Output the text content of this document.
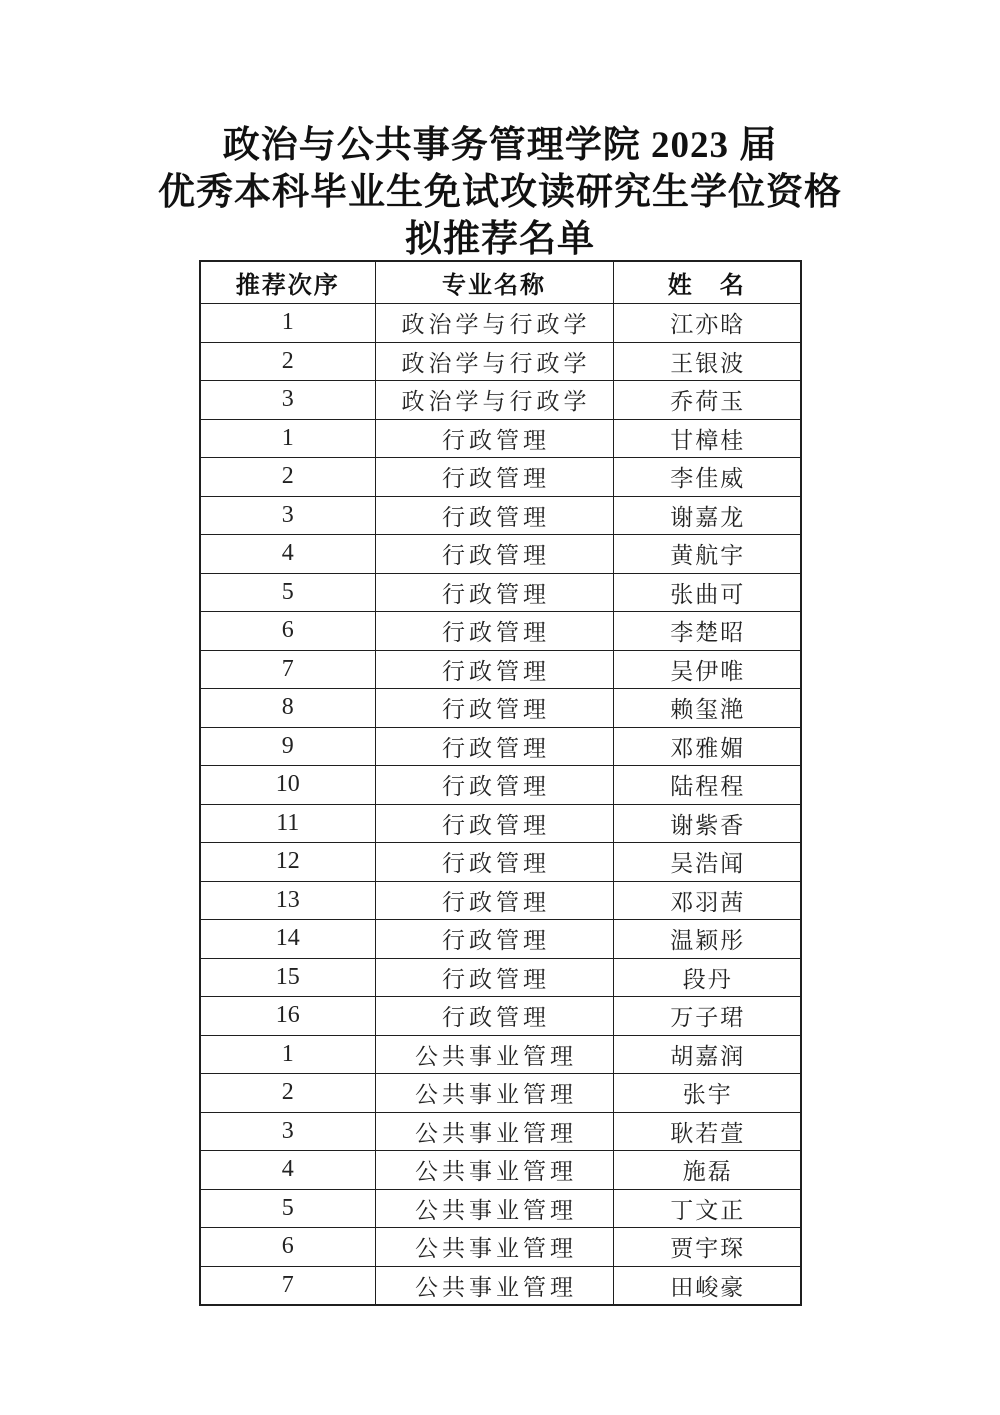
政治与公共事务管理学院 2023 届
优秀本科毕业生免试攻读研究生学位资格
拟推荐名单
推荐次序	专业名称	姓　名
1	政治学与行政学	江亦晗
2	政治学与行政学	王银波
3	政治学与行政学	乔荷玉
1	行政管理	甘樟桂
2	行政管理	李佳威
3	行政管理	谢嘉龙
4	行政管理	黄航宇
5	行政管理	张曲可
6	行政管理	李楚昭
7	行政管理	吴伊唯
8	行政管理	赖玺滟
9	行政管理	邓雅媚
10	行政管理	陆程程
11	行政管理	谢紫香
12	行政管理	吴浩闻
13	行政管理	邓羽茜
14	行政管理	温颖彤
15	行政管理	段丹
16	行政管理	万子珺
1	公共事业管理	胡嘉润
2	公共事业管理	张宇
3	公共事业管理	耿若萱
4	公共事业管理	施磊
5	公共事业管理	丁文正
6	公共事业管理	贾宇琛
7	公共事业管理	田峻豪
